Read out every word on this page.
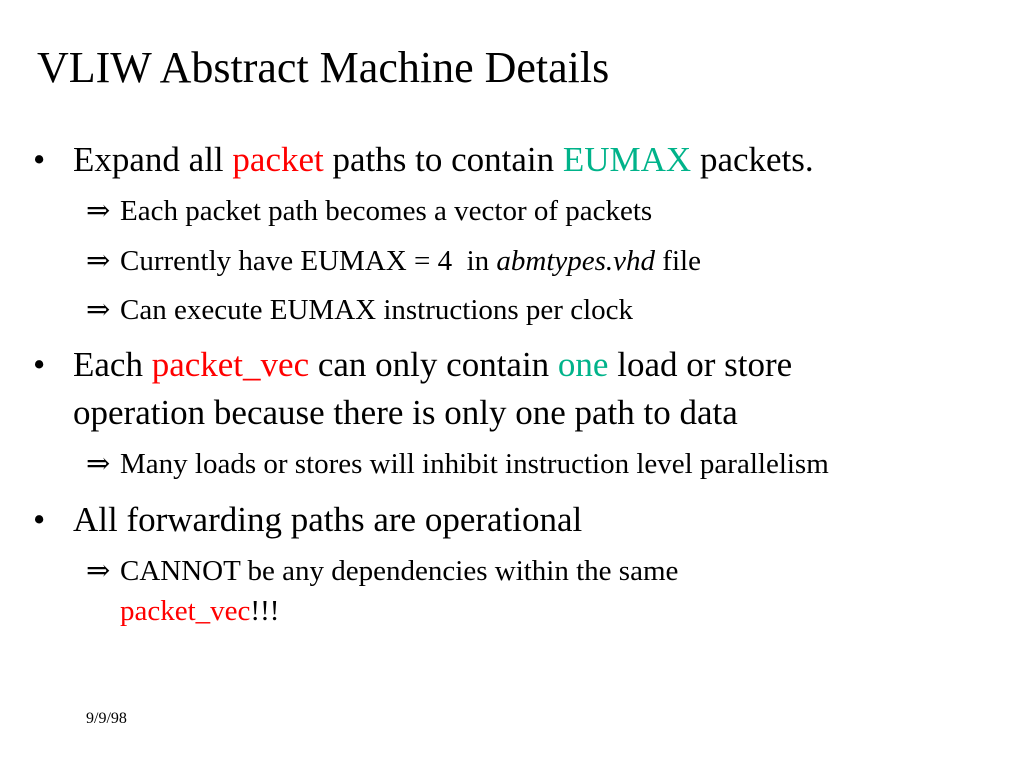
VLIW Abstract Machine Details
• Expand all packet paths to contain EUMAX packets.
⇒ Each packet path becomes a vector of packets
⇒ Currently have EUMAX = 4  in abmtypes.vhd file
⇒ Can execute EUMAX instructions per clock
• Each packet_vec can only contain one load or store
operation because there is only one path to data
⇒ Many loads or stores will inhibit instruction level parallelism
• All forwarding paths are operational
⇒ CANNOT be any dependencies within the same
packet_vec!!!
9/9/98
